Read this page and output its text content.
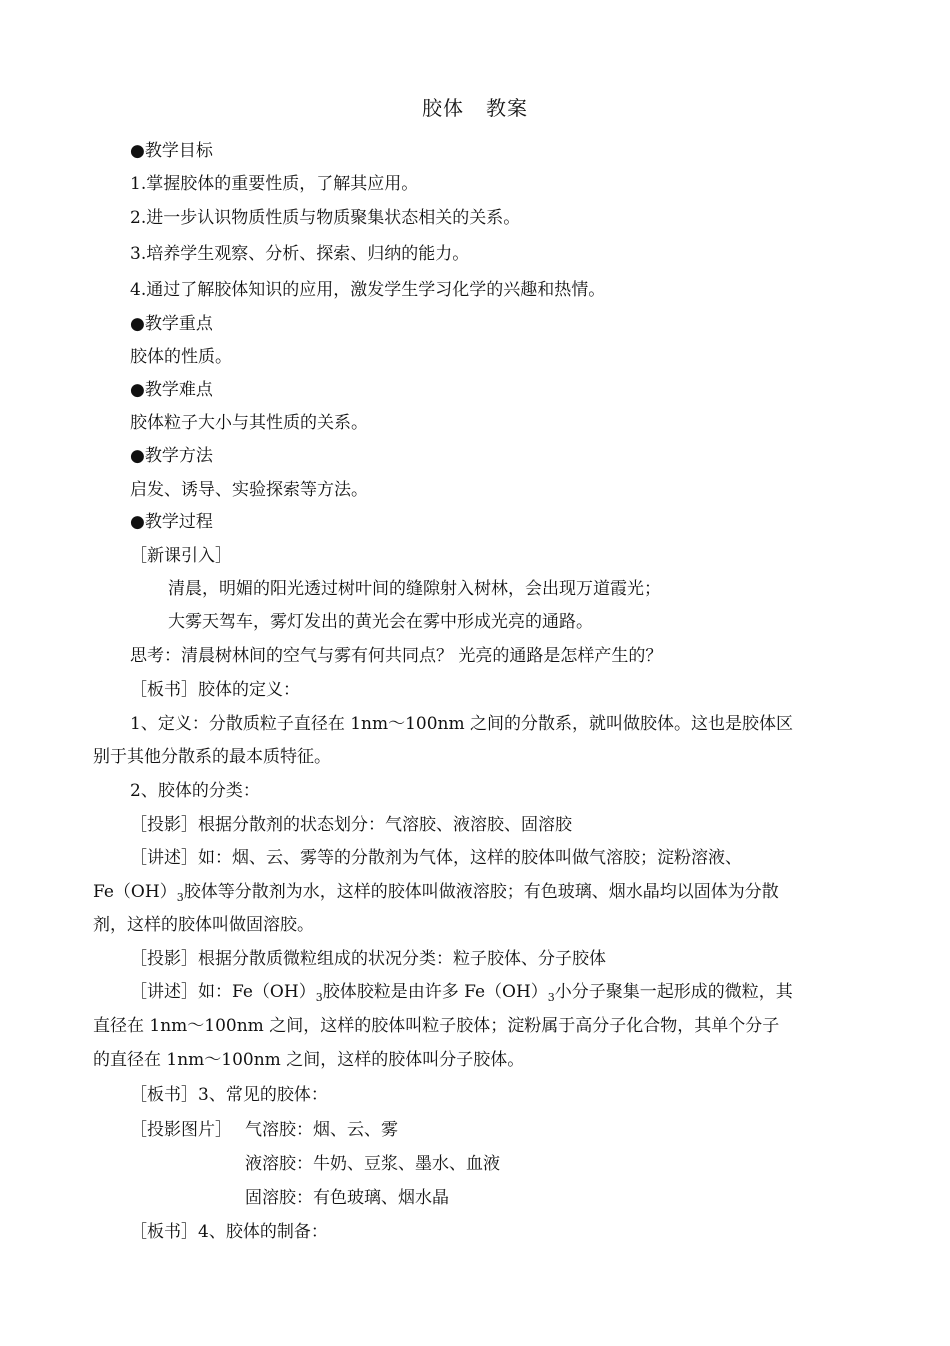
胶体 教案
●教学目标
1.掌握胶体的重要性质，了解其应用。
2.进一步认识物质性质与物质聚集状态相关的关系。
3.培养学生观察、分析、探索、归纳的能力。
4.通过了解胶体知识的应用，激发学生学习化学的兴趣和热情。
●教学重点
胶体的性质。
●教学难点
胶体粒子大小与其性质的关系。
●教学方法
启发、诱导、实验探索等方法。
●教学过程
［新课引入］
清晨，明媚的阳光透过树叶间的缝隙射入树林，会出现万道霞光；
大雾天驾车，雾灯发出的黄光会在雾中形成光亮的通路。
思考：清晨树林间的空气与雾有何共同点？ 光亮的通路是怎样产生的？
［板书］胶体的定义：
1、定义：分散质粒子直径在 1nm～100nm 之间的分散系，就叫做胶体。这也是胶体区
别于其他分散系的最本质特征。
2、胶体的分类：
［投影］根据分散剂的状态划分：气溶胶、液溶胶、固溶胶
［讲述］如：烟、云、雾等的分散剂为气体，这样的胶体叫做气溶胶；淀粉溶液、
$Fe(OH)_3$胶体等分散剂为水，这样的胶体叫做液溶胶；有色玻璃、烟水晶均以固体为分散
剂，这样的胶体叫做固溶胶。
［投影］根据分散质微粒组成的状况分类：粒子胶体、分子胶体
［讲述］如：$Fe(OH)_3$胶体胶粒是由许多 $Fe(OH)_3$小分子聚集一起形成的微粒，其
直径在 1nm～100nm 之间，这样的胶体叫粒子胶体；淀粉属于高分子化合物，其单个分子
的直径在 1nm～100nm 之间，这样的胶体叫分子胶体。
［板书］3、常见的胶体：
［投影图片］ 气溶胶：烟、云、雾
液溶胶：牛奶、豆浆、墨水、血液
固溶胶：有色玻璃、烟水晶
［板书］4、胶体的制备：
